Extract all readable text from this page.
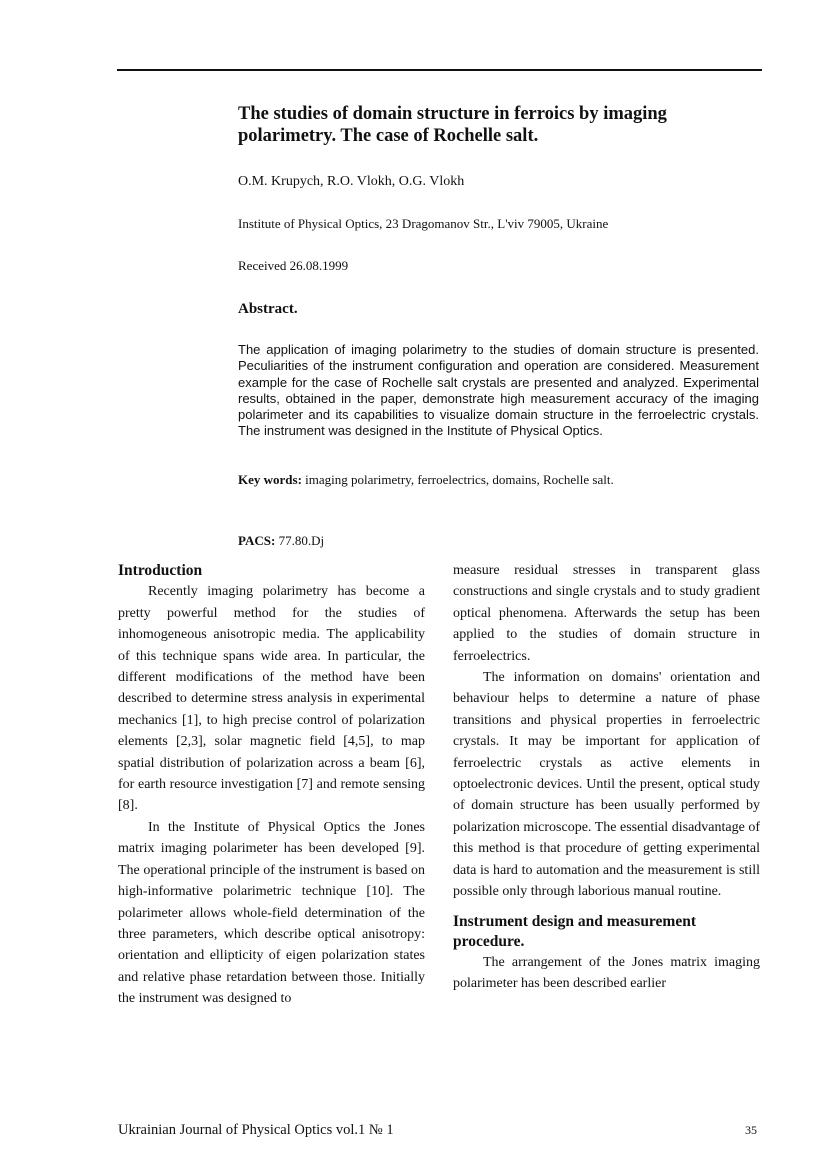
The studies of domain structure in ferroics by imaging polarimetry. The case of Rochelle salt.

O.M. Krupych, R.O. Vlokh, O.G. Vlokh

Institute of Physical Optics, 23 Dragomanov Str., L'viv 79005, Ukraine

Received 26.08.1999

Abstract.

The application of imaging polarimetry to the studies of domain structure is presented. Peculiarities of the instrument configuration and operation are considered. Measurement example for the case of Rochelle salt crystals are presented and analyzed. Experimental results, obtained in the paper, demonstrate high measurement accuracy of the imaging polarimeter and its capabilities to visualize domain structure in the ferroelectric crystals. The instrument was designed in the Institute of Physical Optics.

Key words: imaging polarimetry, ferroelectrics, domains, Rochelle salt.

PACS: 77.80.Dj

Introduction

Recently imaging polarimetry has become a pretty powerful method for the studies of inhomogeneous anisotropic media. The applicability of this technique spans wide area. In particular, the different modifications of the method have been described to determine stress analysis in experimental mechanics [1], to high precise control of polarization elements [2,3], solar magnetic field [4,5], to map spatial distribution of polarization across a beam [6], for earth resource investigation [7] and remote sensing [8].

In the Institute of Physical Optics the Jones matrix imaging polarimeter has been developed [9]. The operational principle of the instrument is based on high-informative polarimetric technique [10]. The polarimeter allows whole-field determination of the three parameters, which describe optical anisotropy: orientation and ellipticity of eigen polarization states and relative phase retardation between those. Initially the instrument was designed to

measure residual stresses in transparent glass constructions and single crystals and to study gradient optical phenomena. Afterwards the setup has been applied to the studies of domain structure in ferroelectrics.

The information on domains' orientation and behaviour helps to determine a nature of phase transitions and physical properties in ferroelectric crystals. It may be important for application of ferroelectric crystals as active elements in optoelectronic devices. Until the present, optical study of domain structure has been usually performed by polarization microscope. The essential disadvantage of this method is that procedure of getting experimental data is hard to automation and the measurement is still possible only through laborious manual routine.

Instrument design and measurement procedure.

The arrangement of the Jones matrix imaging polarimeter has been described earlier

Ukrainian Journal of Physical Optics vol.1 № 1	35
